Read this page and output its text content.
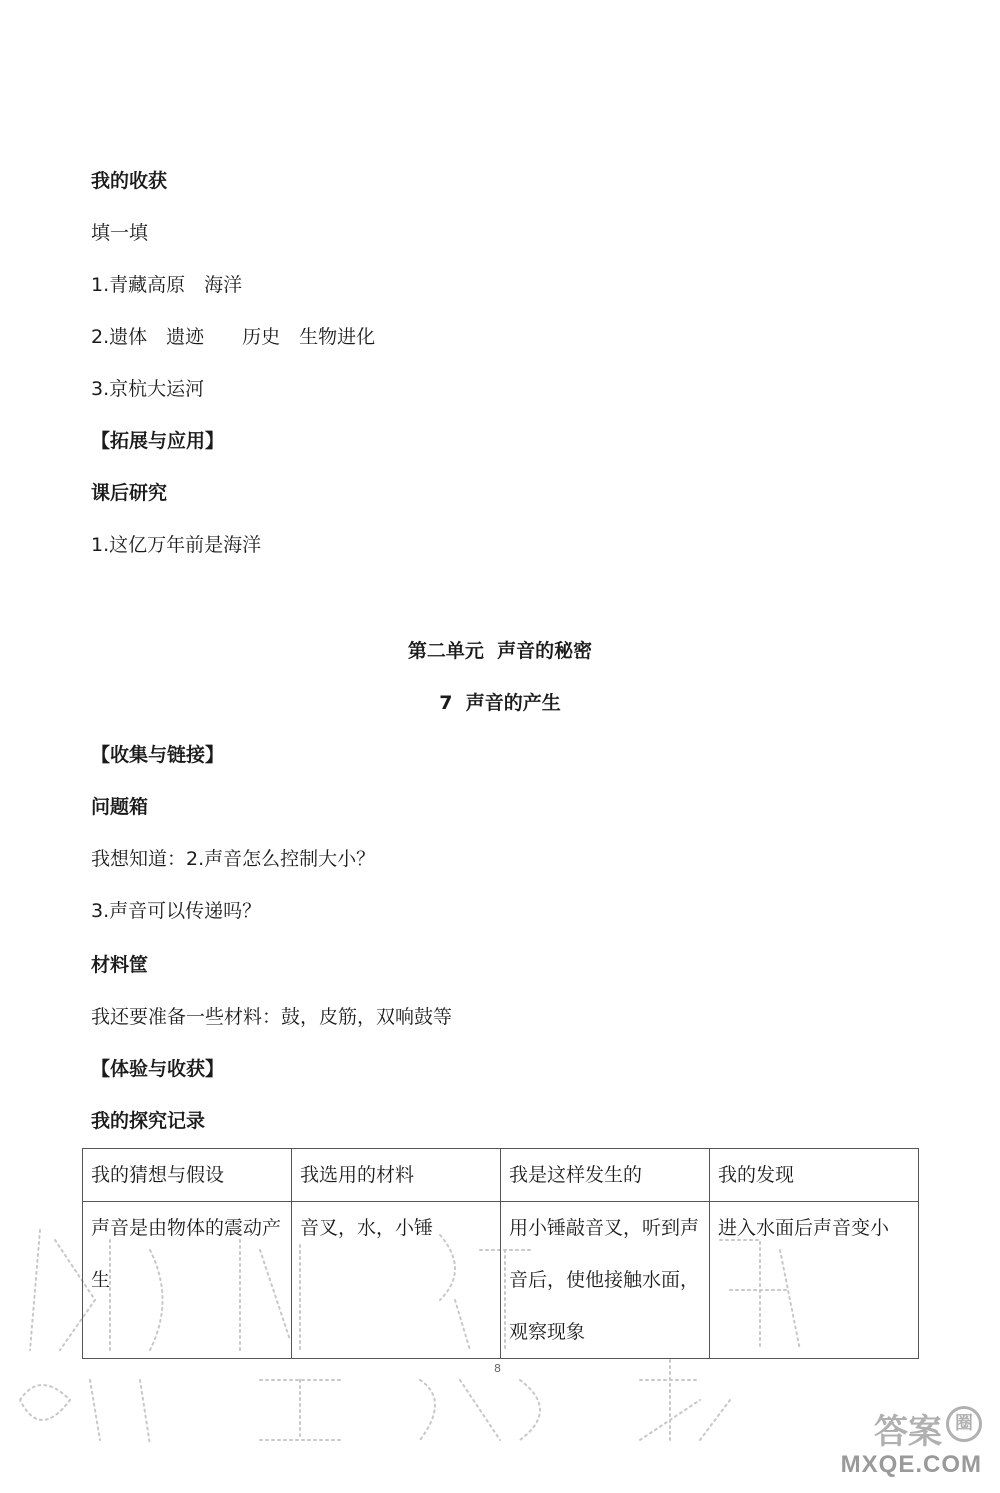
我的收获

填一填

1.青藏高原　海洋

2.遗体　遗迹　　历史　生物进化

3.京杭大运河

【拓展与应用】

课后研究

1.这亿万年前是海洋

第二单元  声音的秘密

7  声音的产生

【收集与链接】

问题箱

我想知道：2.声音怎么控制大小？

3.声音可以传递吗？

材料筐

我还要准备一些材料：鼓，皮筋，双响鼓等

【体验与收获】

我的探究记录

我的猜想与假设	我选用的材料	我是这样发生的	我的发现
声音是由物体的震动产生	音叉，水，小锤	用小锤敲音叉，听到声音后，使他接触水面，观察现象	进入水面后声音变小
8
答案 圈
MXQE.COM
